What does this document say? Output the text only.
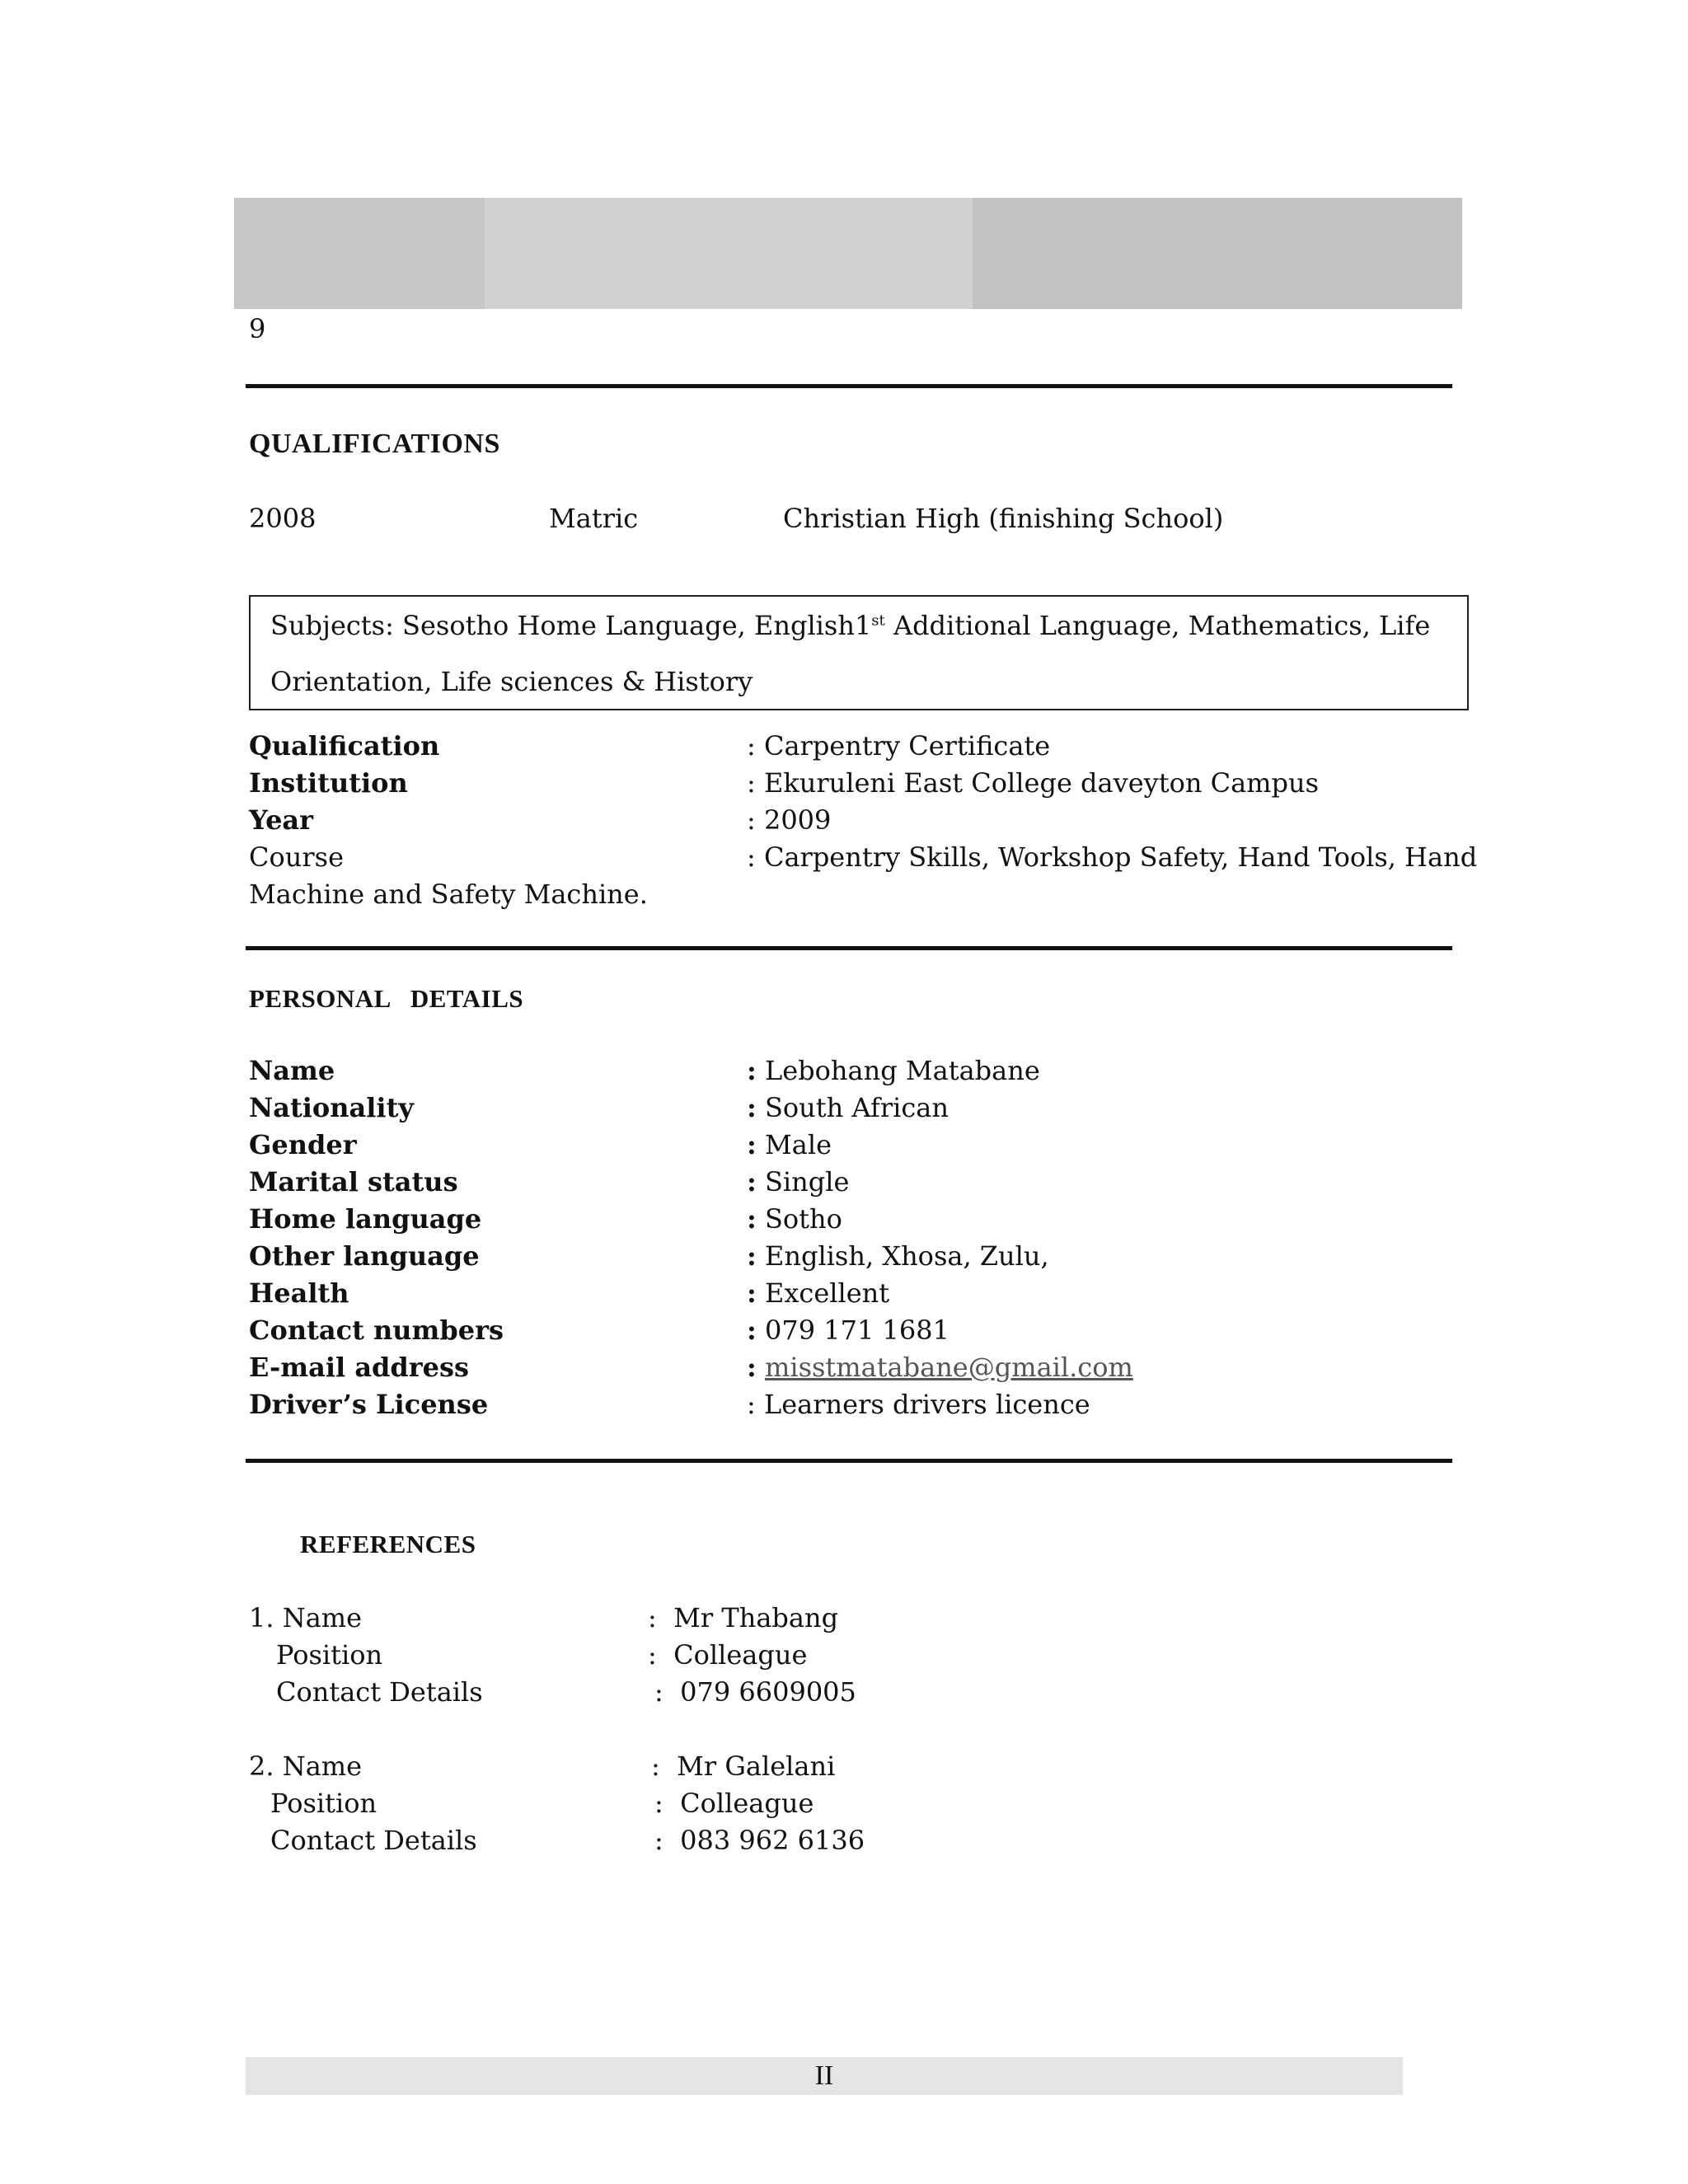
9
QUALIFICATIONS
2008	Matric	Christian High (finishing School)
Subjects: Sesotho Home Language, English1st Additional Language, Mathematics, Life
Orientation, Life sciences & History
Qualification	: Carpentry Certificate
Institution	: Ekuruleni East College daveyton Campus
Year	: 2009
Course	: Carpentry Skills, Workshop Safety, Hand Tools, Hand
Machine and Safety Machine.
PERSONAL   DETAILS
Name	: Lebohang Matabane
Nationality	: South African
Gender	: Male
Marital status	: Single
Home language	: Sotho
Other language	: English, Xhosa, Zulu,
Health	: Excellent
Contact numbers	: 079 171 1681
E-mail address	: misstmatabane@gmail.com
Driver’s License	: Learners drivers licence
REFERENCES
1. Name	:  Mr Thabang
Position	:  Colleague
Contact Details	:  079 6609005
2. Name	:  Mr Galelani
Position	:  Colleague
Contact Details	:  083 962 6136
II
